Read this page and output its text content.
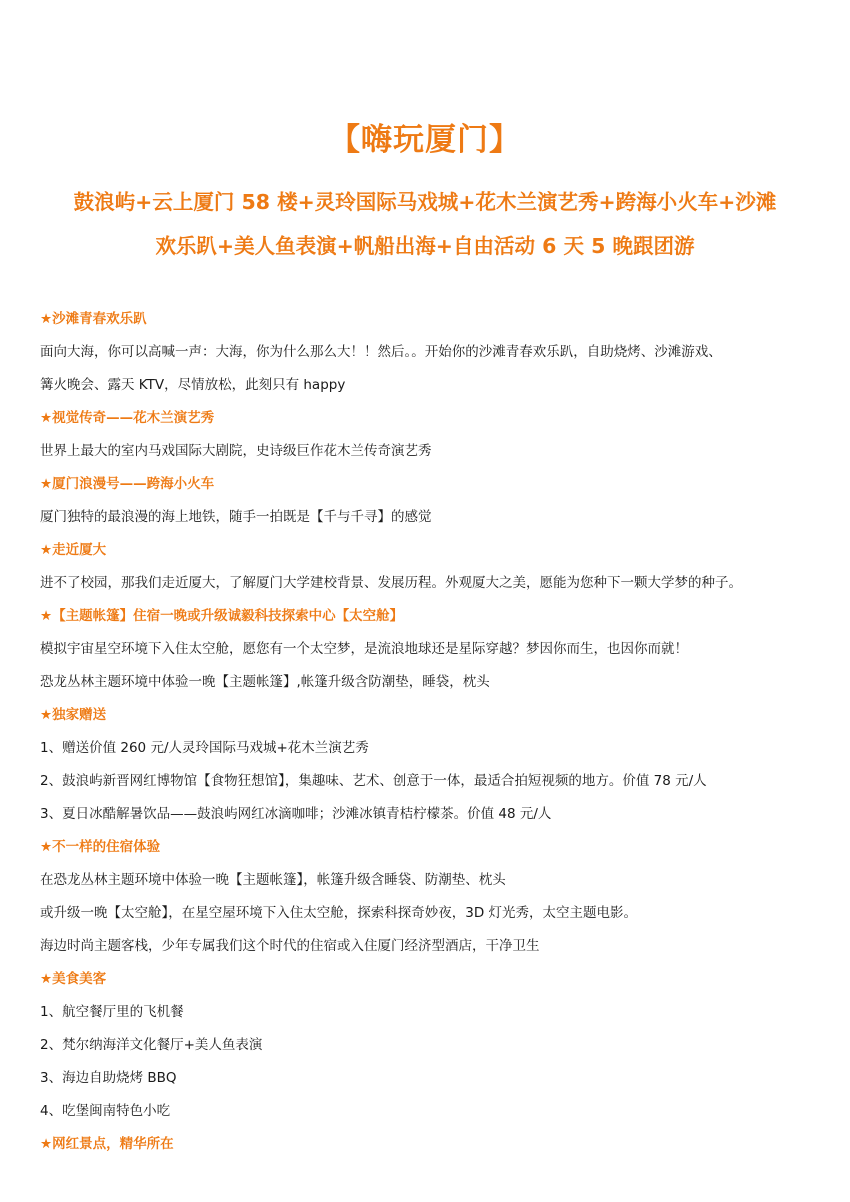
【嗨玩厦门】
鼓浪屿+云上厦门 58 楼+灵玲国际马戏城+花木兰演艺秀+跨海小火车+沙滩
欢乐趴+美人鱼表演+帆船出海+自由活动 6 天 5 晚跟团游
★沙滩青春欢乐趴
面向大海，你可以高喊一声：大海，你为什么那么大！！然后。。开始你的沙滩青春欢乐趴，自助烧烤、沙滩游戏、
篝火晚会、露天 KTV，尽情放松，此刻只有 happy
★视觉传奇——花木兰演艺秀
世界上最大的室内马戏国际大剧院，史诗级巨作花木兰传奇演艺秀
★厦门浪漫号——跨海小火车
厦门独特的最浪漫的海上地铁，随手一拍既是【千与千寻】的感觉
★走近厦大
进不了校园，那我们走近厦大，了解厦门大学建校背景、发展历程。外观厦大之美，愿能为您种下一颗大学梦的种子。
★【主题帐篷】住宿一晚或升级诚毅科技探索中心【太空舱】
模拟宇宙星空环境下入住太空舱，愿您有一个太空梦，是流浪地球还是星际穿越？梦因你而生，也因你而就！
恐龙丛林主题环境中体验一晚【主题帐篷】,帐篷升级含防潮垫，睡袋，枕头
★独家赠送
1、赠送价值 260 元/人灵玲国际马戏城+花木兰演艺秀
2、鼓浪屿新晋网红博物馆【食物狂想馆】，集趣味、艺术、创意于一体，最适合拍短视频的地方。价值 78 元/人
3、夏日冰酷解暑饮品——鼓浪屿网红冰滴咖啡；沙滩冰镇青桔柠檬茶。价值 48 元/人
★不一样的住宿体验
在恐龙丛林主题环境中体验一晚【主题帐篷】，帐篷升级含睡袋、防潮垫、枕头
或升级一晚【太空舱】，在星空屋环境下入住太空舱，探索科探奇妙夜，3D 灯光秀，太空主题电影。
海边时尚主题客栈，少年专属我们这个时代的住宿或入住厦门经济型酒店，干净卫生
★美食美客
1、航空餐厅里的飞机餐
2、梵尔纳海洋文化餐厅+美人鱼表演
3、海边自助烧烤 BBQ
4、吃堡闽南特色小吃
★网红景点，精华所在
